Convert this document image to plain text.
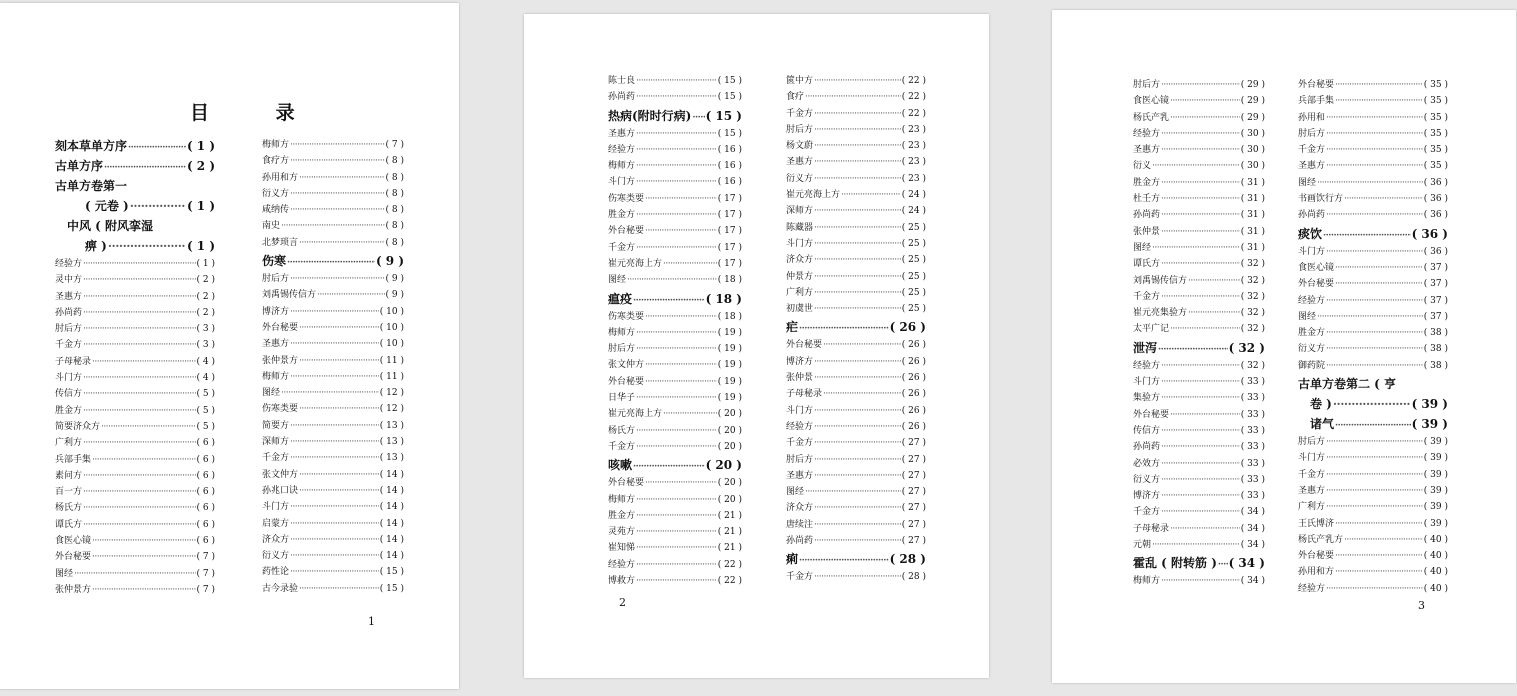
目 录
刻本草单方序 ·····	( 1 )
古单方序 ·····	( 2 )
古单方卷第一
( 元卷 ) ·····	( 1 )
中风 ( 附风挛湿
痹 ) ·····	( 1 )
经验方 ·····	( 1 )
灵中方 ·····	( 2 )
圣惠方 ·····	( 2 )
孙尚药 ·····	( 2 )
肘后方 ·····	( 3 )
千金方 ·····	( 3 )
子母秘录 ·····	( 4 )
斗门方 ·····	( 4 )
传信方 ·····	( 5 )
胜金方 ·····	( 5 )
简要济众方 ·····	( 5 )
广利方 ·····	( 6 )
兵部手集 ·····	( 6 )
素问方 ·····	( 6 )
百一方 ·····	( 6 )
杨氏方 ·····	( 6 )
谭氏方 ·····	( 6 )
食医心镜 ·····	( 6 )
外台秘要 ·····	( 7 )
图经 ·····	( 7 )
张仲景方 ·····	( 7 )
梅师方 ·····	( 7 )
食疗方 ·····	( 8 )
孙用和方 ·····	( 8 )
衍义方 ·····	( 8 )
咸纳传 ·····	( 8 )
南史 ·····	( 8 )
北梦琐言 ·····	( 8 )
伤寒 ·····	( 9 )
肘后方 ·····	( 9 )
刘禹锡传信方 ·····	( 9 )
博济方 ·····	( 10 )
外台秘要 ·····	( 10 )
圣惠方 ·····	( 10 )
张仲景方 ·····	( 11 )
梅师方 ·····	( 11 )
图经 ·····	( 12 )
伤寒类要 ·····	( 12 )
简要方 ·····	( 13 )
深师方 ·····	( 13 )
千金方 ·····	( 13 )
张文仲方 ·····	( 14 )
孙兆口诀 ·····	( 14 )
斗门方 ·····	( 14 )
启蒙方 ·····	( 14 )
济众方 ·····	( 14 )
衍义方 ·····	( 14 )
药性论 ·····	( 15 )
古今录验 ·····	( 15 )
1
陈士良 ·····	( 15 )
孙尚药 ·····	( 15 )
热病(附时行病) ····· ( 15 )
圣惠方 ·····	( 15 )
经验方 ·····	( 16 )
梅师方 ·····	( 16 )
斗门方 ·····	( 16 )
伤寒类要 ·····	( 17 )
胜金方 ·····	( 17 )
外台秘要 ·····	( 17 )
千金方 ·····	( 17 )
崔元亮海上方 ·····	( 17 )
图经 ·····	( 18 )
瘟疫 ·····	( 18 )
伤寒类要 ·····	( 18 )
梅师方 ·····	( 19 )
肘后方 ·····	( 19 )
张文仲方 ·····	( 19 )
外台秘要 ·····	( 19 )
日华子 ·····	( 19 )
崔元亮海上方 ·····	( 20 )
杨氏方 ·····	( 20 )
千金方 ·····	( 20 )
咳嗽 ·····	( 20 )
外台秘要 ·····	( 20 )
梅师方 ·····	( 20 )
胜金方 ·····	( 21 )
灵苑方 ·····	( 21 )
崔知悌 ·····	( 21 )
经验方 ·····	( 22 )
博救方 ·····	( 22 )
篋中方 ·····	( 22 )
食疗 ·····	( 22 )
千金方 ·····	( 22 )
肘后方 ·····	( 23 )
杨文蔚 ·····	( 23 )
圣惠方 ·····	( 23 )
衍义方 ·····	( 23 )
崔元亮海上方 ·····	( 24 )
深师方 ·····	( 24 )
陈藏器 ·····	( 25 )
斗门方 ·····	( 25 )
济众方 ·····	( 25 )
仲景方 ·····	( 25 )
广利方 ·····	( 25 )
初虞世 ·····	( 25 )
疟 ·····	( 26 )
外台秘要 ·····	( 26 )
博济方 ·····	( 26 )
张仲景 ·····	( 26 )
子母秘录 ·····	( 26 )
斗门方 ·····	( 26 )
经验方 ·····	( 26 )
千金方 ·····	( 27 )
肘后方 ·····	( 27 )
圣惠方 ·····	( 27 )
图经 ·····	( 27 )
济众方 ·····	( 27 )
唐续注 ·····	( 27 )
孙尚药 ·····	( 27 )
痢 ·····	( 28 )
千金方 ·····	( 28 )
2
肘后方 ·····	( 29 )
食医心镜 ·····	( 29 )
杨氏产乳 ·····	( 29 )
经验方 ·····	( 30 )
圣惠方 ·····	( 30 )
衍义 ·····	( 30 )
胜金方 ·····	( 31 )
杜壬方 ·····	( 31 )
孙尚药 ·····	( 31 )
张仲景 ·····	( 31 )
图经 ·····	( 31 )
谭氏方 ·····	( 32 )
刘禹锡传信方 ·····	( 32 )
千金方 ·····	( 32 )
崔元亮集验方 ·····	( 32 )
太平广记 ·····	( 32 )
泄泻 ·····	( 32 )
经验方 ·····	( 32 )
斗门方 ·····	( 33 )
集验方 ·····	( 33 )
外台秘要 ·····	( 33 )
传信方 ·····	( 33 )
孙尚药 ·····	( 33 )
必效方 ·····	( 33 )
衍义方 ·····	( 33 )
博济方 ·····	( 33 )
千金方 ·····	( 34 )
子母秘录 ·····	( 34 )
元朝 ·····	( 34 )
霍乱 ( 附转筋 ) ····· ( 34 )
梅师方 ·····	( 34 )
外台秘要 ·····	( 35 )
兵部手集 ·····	( 35 )
孙用和 ·····	( 35 )
肘后方 ·····	( 35 )
千金方 ·····	( 35 )
圣惠方 ·····	( 35 )
图经 ·····	( 36 )
书画饮行方 ·····	( 36 )
孙尚药 ·····	( 36 )
痰饮 ·····	( 36 )
斗门方 ·····	( 36 )
食医心镜 ·····	( 37 )
外台秘要 ·····	( 37 )
经验方 ·····	( 37 )
图经 ·····	( 37 )
胜金方 ·····	( 38 )
衍义方 ·····	( 38 )
御药院 ·····	( 38 )
古单方卷第二 ( 亨
卷 ) ·····	( 39 )
诸气 ·····	( 39 )
肘后方 ·····	( 39 )
斗门方 ·····	( 39 )
千金方 ·····	( 39 )
圣惠方 ·····	( 39 )
广利方 ·····	( 39 )
王氏博济 ·····	( 39 )
杨氏产乳方 ·····	( 40 )
外台秘要 ·····	( 40 )
孙用和方 ·····	( 40 )
经验方 ·····	( 40 )
3
